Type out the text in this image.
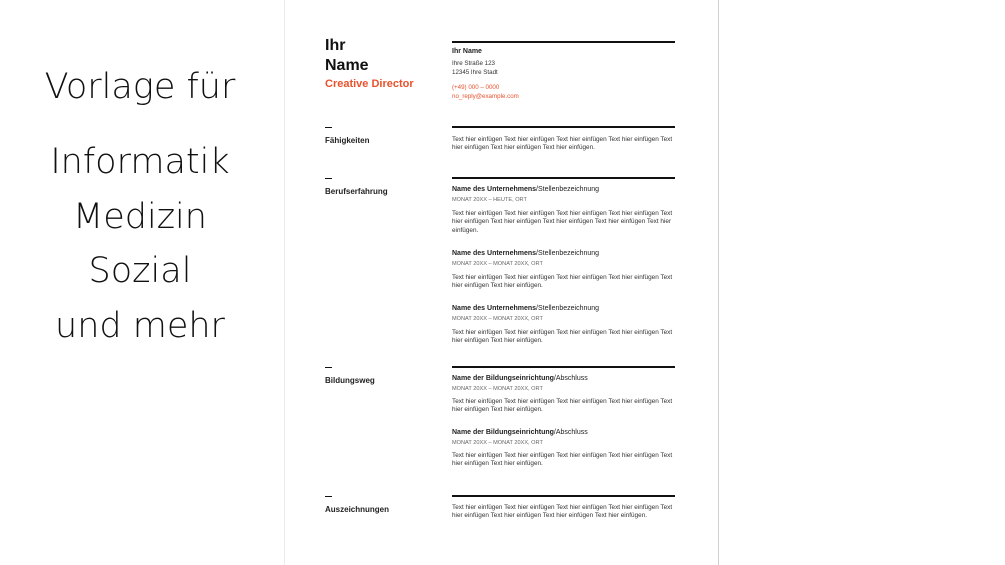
Vorlage für
Informatik
Medizin
Sozial
und mehr
Ihr
Name
Creative Director
Ihr Name
Ihre Straße 123
12345 Ihre Stadt
(+49) 000 – 0000
no_reply@example.com
Fähigkeiten	Text hier einfügen Text hier einfügen Text hier einfügen Text hier einfügen Text hier einfügen Text hier einfügen Text hier einfügen.
Berufserfahrung	Name des Unternehmens/Stellenbezeichnung
MONAT 20XX – HEUTE, ORT
Text hier einfügen Text hier einfügen Text hier einfügen Text hier einfügen Text hier einfügen Text hier einfügen Text hier einfügen Text hier einfügen Text hier einfügen.
Name des Unternehmens/Stellenbezeichnung
MONAT 20XX – MONAT 20XX, ORT
Text hier einfügen Text hier einfügen Text hier einfügen Text hier einfügen Text hier einfügen Text hier einfügen.
Name des Unternehmens/Stellenbezeichnung
MONAT 20XX – MONAT 20XX, ORT
Text hier einfügen Text hier einfügen Text hier einfügen Text hier einfügen Text hier einfügen Text hier einfügen.
Bildungsweg	Name der Bildungseinrichtung/Abschluss
MONAT 20XX – MONAT 20XX, ORT
Text hier einfügen Text hier einfügen Text hier einfügen Text hier einfügen Text hier einfügen Text hier einfügen.
Name der Bildungseinrichtung/Abschluss
MONAT 20XX – MONAT 20XX, ORT
Text hier einfügen Text hier einfügen Text hier einfügen Text hier einfügen Text hier einfügen Text hier einfügen.
Auszeichnungen	Text hier einfügen Text hier einfügen Text hier einfügen Text hier einfügen Text hier einfügen Text hier einfügen Text hier einfügen Text hier einfügen.
